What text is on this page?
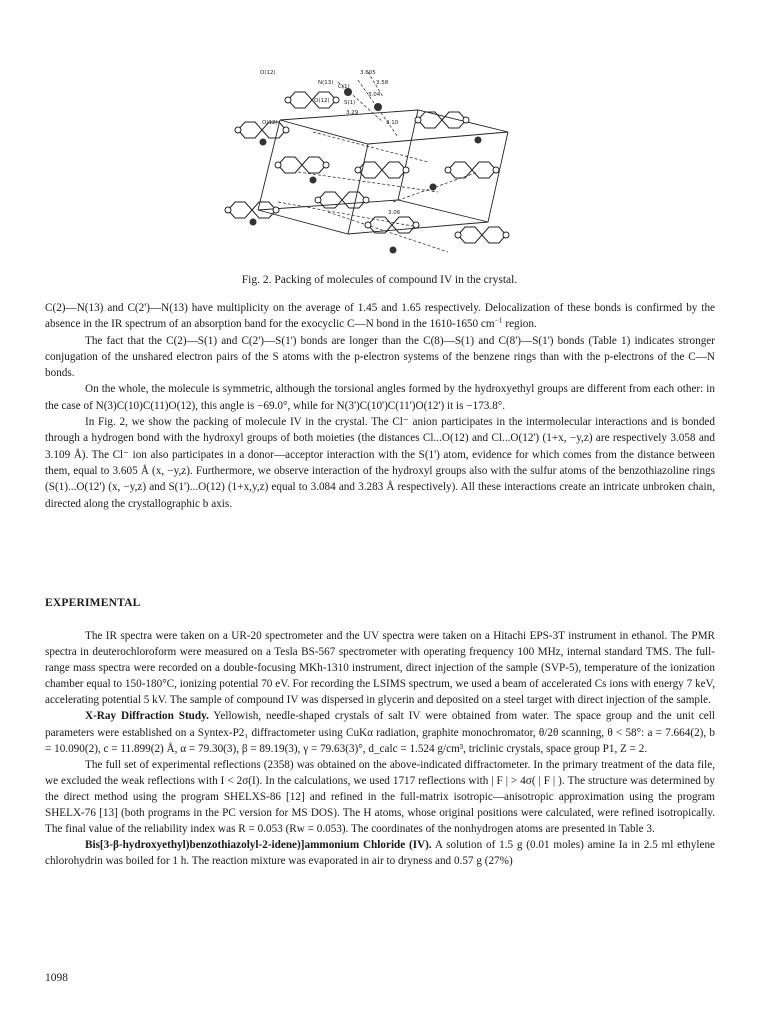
O(12)
N(13)
O(12)
O(12)
C(1)
S(1)
3.605
3.58
3.04
3.29
3.10
3.06
Fig. 2. Packing of molecules of compound IV in the crystal.

C(2)—N(13) and C(2')—N(13) have multiplicity on the average of 1.45 and 1.65 respectively. Delocalization of these bonds is confirmed by the absence in the IR spectrum of an absorption band for the exocyclic C—N bond in the 1610-1650 $cm^{-1}$ region.

The fact that the C(2)—S(1) and C(2')—S(1') bonds are longer than the C(8)—S(1) and C(8')—S(1') bonds (Table 1) indicates stronger conjugation of the unshared electron pairs of the S atoms with the p-electron systems of the benzene rings than with the p-electrons of the C—N bonds.

On the whole, the molecule is symmetric, although the torsional angles formed by the hydroxyethyl groups are different from each other: in the case of N(3)C(10)C(11)O(12), this angle is −69.0°, while for N(3')C(10')C(11')O(12') it is −173.8°.

In Fig. 2, we show the packing of molecule IV in the crystal. The Cl⁻ anion participates in the intermolecular interactions and is bonded through a hydrogen bond with the hydroxyl groups of both moieties (the distances Cl...O(12) and Cl...O(12') (1+x, −y,z) are respectively 3.058 and 3.109 Å). The Cl⁻ ion also participates in a donor—acceptor interaction with the S(1') atom, evidence for which comes from the distance between them, equal to 3.605 Å (x, −y,z). Furthermore, we observe interaction of the hydroxyl groups also with the sulfur atoms of the benzothiazoline rings (S(1)...O(12') (x, −y,z) and S(1')...O(12) (1+x,y,z) equal to 3.084 and 3.283 Å respectively). All these interactions create an intricate unbroken chain, directed along the crystallographic b axis.

EXPERIMENTAL

The IR spectra were taken on a UR-20 spectrometer and the UV spectra were taken on a Hitachi EPS-3T instrument in ethanol. The PMR spectra in deuterochloroform were measured on a Tesla BS-567 spectrometer with operating frequency 100 MHz, internal standard TMS. The full-range mass spectra were recorded on a double-focusing MKh-1310 instrument, direct injection of the sample (SVP-5), temperature of the ionization chamber equal to 150-180°C, ionizing potential 70 eV. For recording the LSIMS spectrum, we used a beam of accelerated Cs ions with energy 7 keV, accelerating potential 5 kV. The sample of compound IV was dispersed in glycerin and deposited on a steel target with direct injection of the sample.

X-Ray Diffraction Study. Yellowish, needle-shaped crystals of salt IV were obtained from water. The space group and the unit cell parameters were established on a Syntex-P2₁ diffractometer using CuKα radiation, graphite monochromator, θ/2θ scanning, θ < 58°: a = 7.664(2), b = 10.090(2), c = 11.899(2) Å, α = 79.30(3), β = 89.19(3), γ = 79.63(3)°, d_calc = 1.524 g/cm³, triclinic crystals, space group P1, Z = 2.

The full set of experimental reflections (2358) was obtained on the above-indicated diffractometer. In the primary treatment of the data file, we excluded the weak reflections with I < 2σ(I). In the calculations, we used 1717 reflections with | F | > 4σ( | F | ). The structure was determined by the direct method using the program SHELXS-86 [12] and refined in the full-matrix isotropic—anisotropic approximation using the program SHELX-76 [13] (both programs in the PC version for MS DOS). The H atoms, whose original positions were calculated, were refined isotropically. The final value of the reliability index was R = 0.053 (Rw = 0.053). The coordinates of the nonhydrogen atoms are presented in Table 3.

Bis[3-β-hydroxyethyl)benzothiazolyl-2-idene)]ammonium Chloride (IV). A solution of 1.5 g (0.01 moles) amine Ia in 2.5 ml ethylene chlorohydrin was boiled for 1 h. The reaction mixture was evaporated in air to dryness and 0.57 g (27%)

1098
